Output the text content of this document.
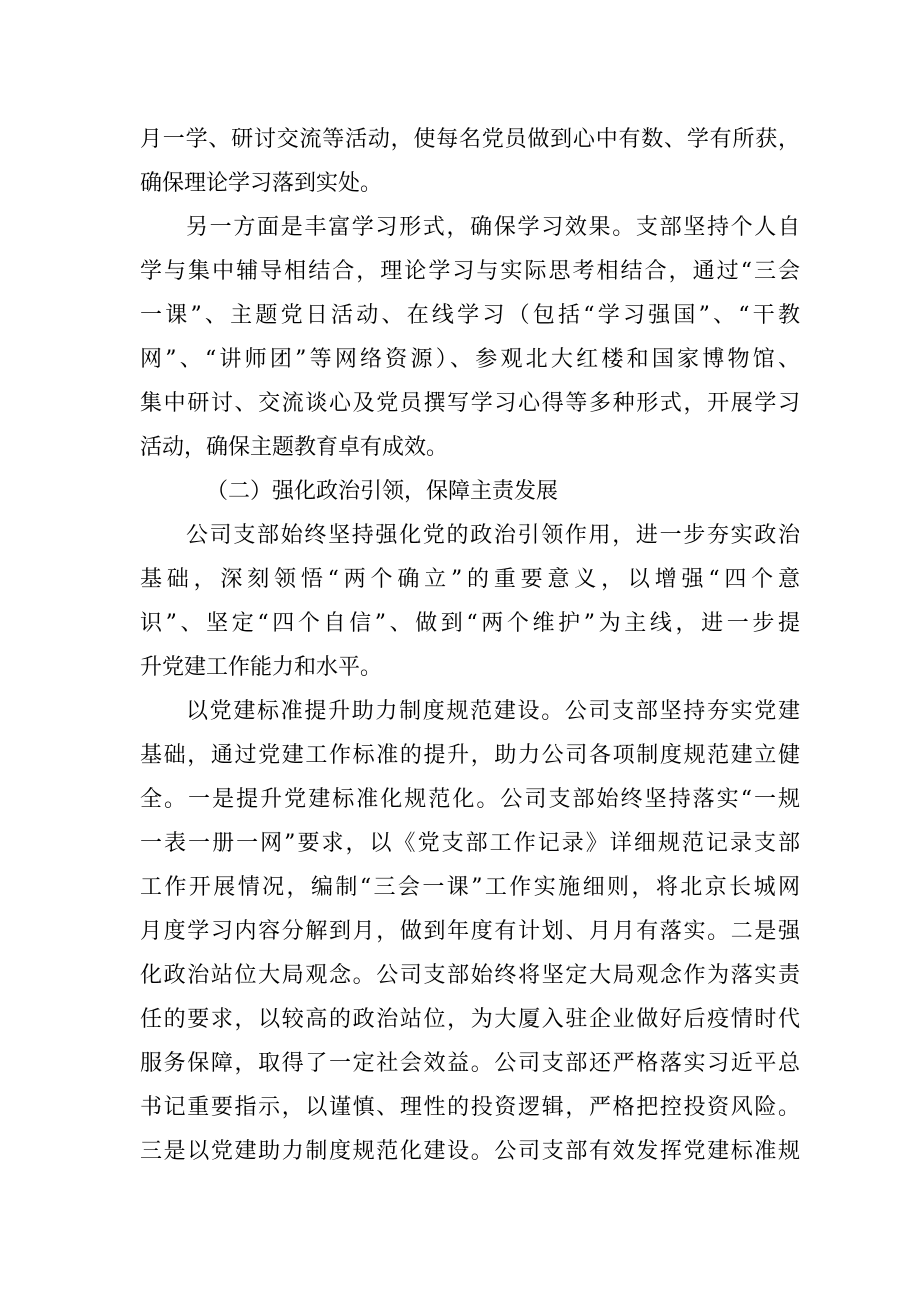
月一学、研讨交流等活动，使每名党员做到心中有数、学有所获，
确保理论学习落到实处。
另一方面是丰富学习形式，确保学习效果。支部坚持个人自
学与集中辅导相结合，理论学习与实际思考相结合，通过“三会
一课”、主题党日活动、在线学习（包括“学习强国”、“干教
网”、“讲师团”等网络资源）、参观北大红楼和国家博物馆、
集中研讨、交流谈心及党员撰写学习心得等多种形式，开展学习
活动，确保主题教育卓有成效。
（二）强化政治引领，保障主责发展
公司支部始终坚持强化党的政治引领作用，进一步夯实政治
基础，深刻领悟“两个确立”的重要意义，以增强“四个意
识”、坚定“四个自信”、做到“两个维护”为主线，进一步提
升党建工作能力和水平。
以党建标准提升助力制度规范建设。公司支部坚持夯实党建
基础，通过党建工作标准的提升，助力公司各项制度规范建立健
全。一是提升党建标准化规范化。公司支部始终坚持落实“一规
一表一册一网”要求，以《党支部工作记录》详细规范记录支部
工作开展情况，编制“三会一课”工作实施细则，将北京长城网
月度学习内容分解到月，做到年度有计划、月月有落实。二是强
化政治站位大局观念。公司支部始终将坚定大局观念作为落实责
任的要求，以较高的政治站位，为大厦入驻企业做好后疫情时代
服务保障，取得了一定社会效益。公司支部还严格落实习近平总
书记重要指示，以谨慎、理性的投资逻辑，严格把控投资风险。
三是以党建助力制度规范化建设。公司支部有效发挥党建标准规
